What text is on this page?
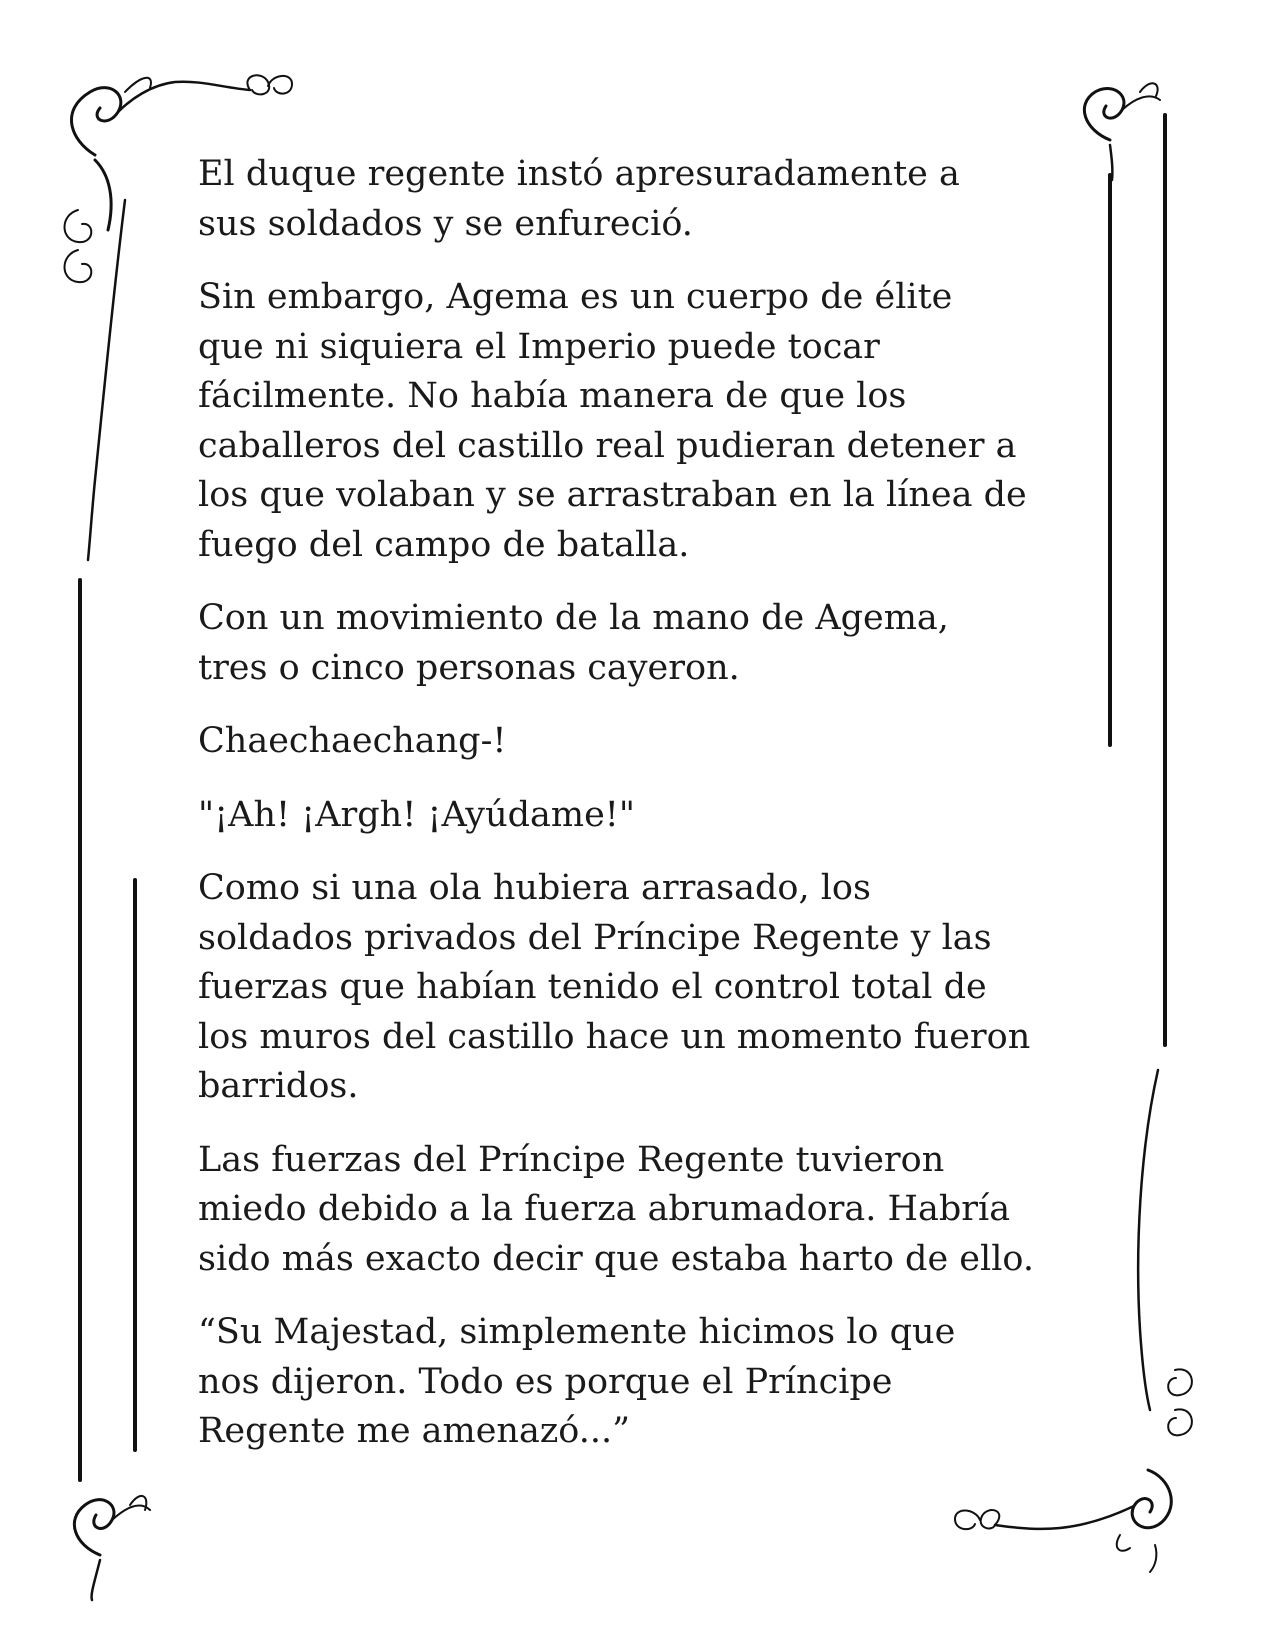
El duque regente instó apresuradamente a
sus soldados y se enfureció.

Sin embargo, Agema es un cuerpo de élite
que ni siquiera el Imperio puede tocar
fácilmente. No había manera de que los
caballeros del castillo real pudieran detener a
los que volaban y se arrastraban en la línea de
fuego del campo de batalla.

Con un movimiento de la mano de Agema,
tres o cinco personas cayeron.

Chaechaechang-!

"¡Ah! ¡Argh! ¡Ayúdame!"

Como si una ola hubiera arrasado, los
soldados privados del Príncipe Regente y las
fuerzas que habían tenido el control total de
los muros del castillo hace un momento fueron
barridos.

Las fuerzas del Príncipe Regente tuvieron
miedo debido a la fuerza abrumadora. Habría
sido más exacto decir que estaba harto de ello.

“Su Majestad, simplemente hicimos lo que
nos dijeron. Todo es porque el Príncipe
Regente me amenazó...”
